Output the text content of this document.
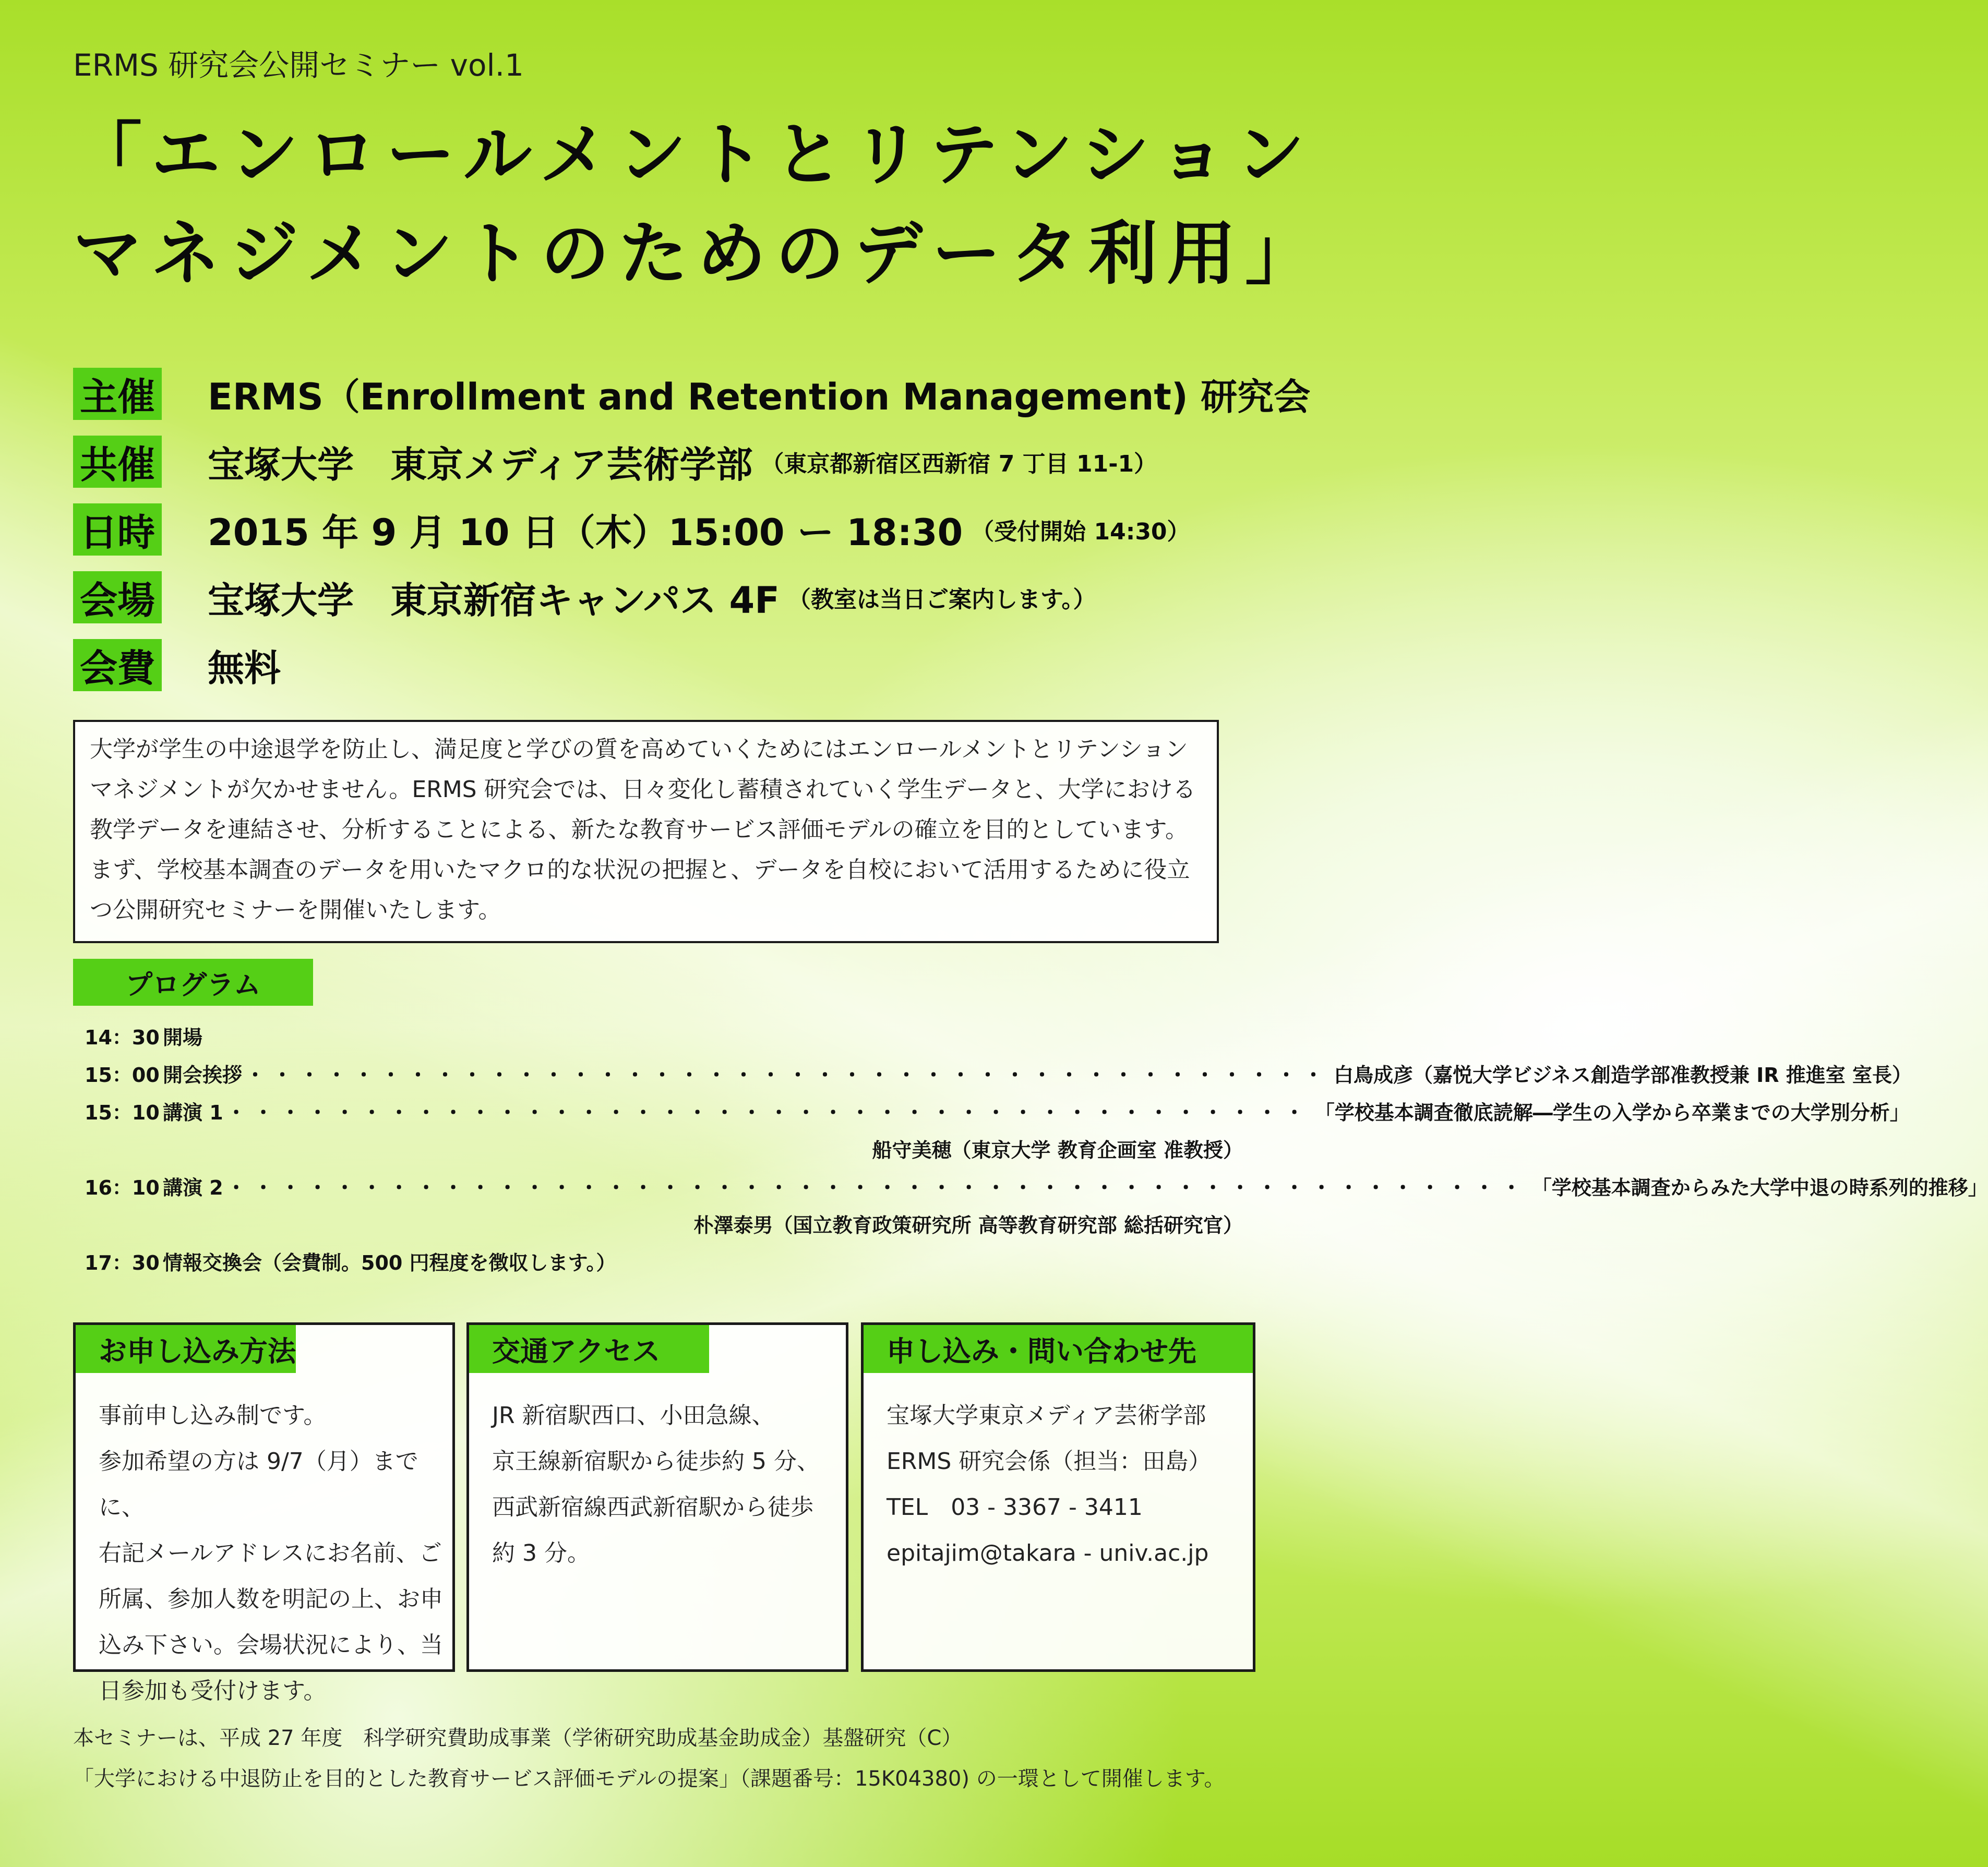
ERMS 研究会公開セミナー vol.1
「エンロールメントとリテンション
マネジメントのためのデータ利用」
主催 ERMS（Enrollment and Retention Management) 研究会
共催 宝塚大学　東京メディア芸術学部 （東京都新宿区西新宿 7 丁目 11-1）
日時 2015 年 9 月 10 日（木）15:00 ー 18:30 （受付開始 14:30）
会場 宝塚大学　東京新宿キャンパス 4F （教室は当日ご案内します。）
会費 無料
大学が学生の中途退学を防止し、満足度と学びの質を高めていくためにはエンロールメントとリテンション
マネジメントが欠かせません。ERMS 研究会では、日々変化し蓄積されていく学生データと、大学における
教学データを連結させ、分析することによる、新たな教育サービス評価モデルの確立を目的としています。
まず、学校基本調査のデータを用いたマクロ的な状況の把握と、データを自校において活用するために役立
つ公開研究セミナーを開催いたします。
プログラム
14：30 開場
15：00 開会挨拶 ・・・・・・・・・・・・・・・・・・・・・・・・・・・・・・・・・・・・・・・・ 白鳥成彦（嘉悦大学ビジネス創造学部准教授兼 IR 推進室 室長）
15：10 講演 1 ・・・・・・・・・・・・・・・・・・・・・・・・・・・・・・・・・・・・・・・・ 「学校基本調査徹底読解―学生の入学から卒業までの大学別分析」
船守美穂（東京大学 教育企画室 准教授）
16：10 講演 2 ・・・・・・・・・・・・・・・・・・・・・・・・・・・・・・・・・・・・・・・・・・・・・・・・ 「学校基本調査からみた大学中退の時系列的推移」
朴澤泰男（国立教育政策研究所 高等教育研究部 総括研究官）
17：30 情報交換会（会費制。500 円程度を徴収します。）
お申し込み方法
事前申し込み制です。
参加希望の方は 9/7（月）までに、
右記メールアドレスにお名前、ご
所属、参加人数を明記の上、お申
込み下さい。会場状況により、当
日参加も受付けます。
交通アクセス
JR 新宿駅西口、小田急線、
京王線新宿駅から徒歩約 5 分、
西武新宿線西武新宿駅から徒歩
約 3 分。
申し込み・問い合わせ先
宝塚大学東京メディア芸術学部
ERMS 研究会係（担当：田島）
TEL　03 - 3367 - 3411
epitajim@takara - univ.ac.jp
本セミナーは、平成 27 年度　科学研究費助成事業（学術研究助成基金助成金）基盤研究（C）
「大学における中退防止を目的とした教育サービス評価モデルの提案」（課題番号：15K04380) の一環として開催します。
